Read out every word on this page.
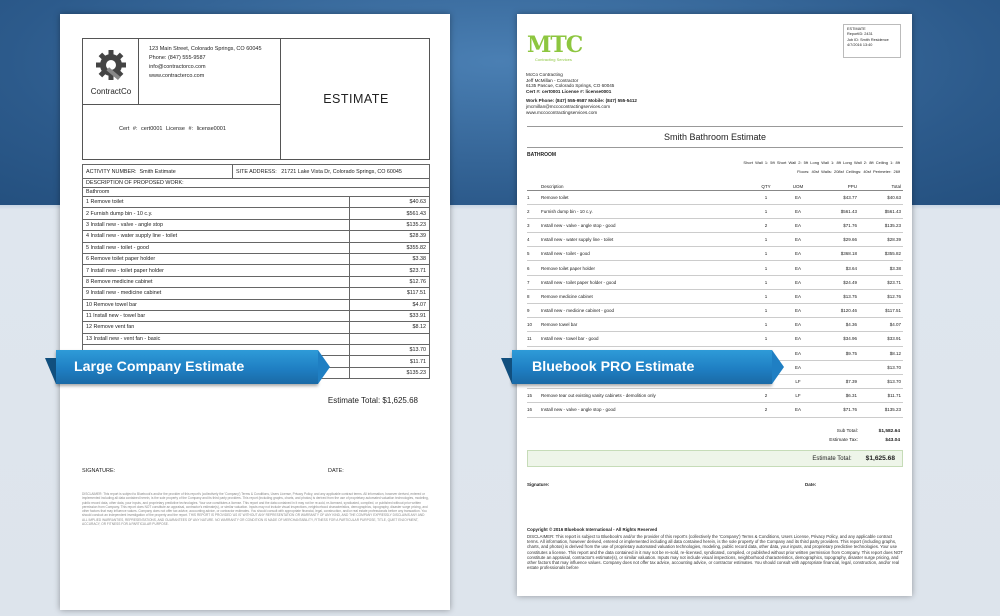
ContractCo
123 Main Street, Colorado Springs, CO 60045
Phone: (847) 555-9587
info@contractorco.com
www.contracterco.com
ESTIMATE
Cert #: cert0001 License #: license0001
ACTIVITY NUMBER:
Smith Estimate	SITE ADDRESS:
21721 Lake Vista Dr, Colorado Springs, CO 60045
DESCRIPTION OF PROPOSED WORK:
Bathroom
1 Remove toilet	$40.63
2 Furnish dump bin - 10 c.y.	$561.43
3 Install new - valve - angle stop	$135.23
4 Install new - water supply line - toilet	$28.39
5 Install new - toilet - good	$355.82
6 Remove toilet paper holder	$3.38
7 Install new - toilet paper holder	$23.71
8 Remove medicine cabinet	$12.76
9 Install new - medicine cabinet	$117.51
10 Remove towel bar	$4.07
11 Install new - towel bar	$33.91
12 Remove vent fan	$8.12
13 Install new - vent fan - basic	
	$13.70
	$11.71
	$135.23
Estimate Total: $1,625.68
SIGNATURE:	DATE:
DISCLAIMER: This report is subject to Bluebook's and/or the provider of this report's (collectively the 'Company') Terms & Conditions, Users License, Privacy Policy, and any applicable contract terms. All information, however derived, entered or implemented including all data contained herein, is the sole property of the Company and its third party providers. This report (including graphs, charts, and photos) is derived from the use of proprietary automated valuation technologies, modeling, public record data, other data, your inputs, and proprietary predictive technologies. Your use constitutes a license. This report and the data contained in it may not be re-sold, re-licensed, syndicated, compiled, or published without prior written permission from Company. This report does NOT constitute an appraisal, contractor's estimate(s), or similar valuation. Inputs may not include visual inspections, neighborhood characteristics, demographics, topography, disaster surge pricing, and other factors that may influence values. Company does not offer tax advice, accounting advice, or contractor estimates. You should consult with appropriate financial, legal, construction, and/or real estate professionals before any transaction. You should conduct an independent investigation of the property and the report. THIS REPORT IS PROVIDED 'AS IS' WITHOUT ANY REPRESENTATION OR WARRANTY OF ANY KIND, AND THE COMPANY EXPRESSLY DISCLAIMS ANY AND ALL IMPLIED WARRANTIES, REPRESENTATIONS, AND GUARANTEES OF ANY NATURE. NO WARRANTY OR CONDITION IS MADE OF MERCHANTABILITY, FITNESS FOR A PARTICULAR PURPOSE, TITLE, QUIET ENJOYMENT, ACCURACY, OR FITNESS FOR A PARTICULAR PURPOSE.
MTC
Contracting Services
ESTIMATE
ReportID: 2431
Job ID: Smith Residence
4/7/2016 13:40
McCo Contracting
Jeff McMillan - Contractor
6135 Pascue, Colorado Springs, CO 60045
Cert #: cert0001 License #: license0001
Work Phone: (847) 555-9587 Mobile: (847) 555-5412
jmcmillan@mccocontractingservices.com
www.mccocontractingservices.com
Smith Bathroom Estimate
BATHROOM
Short Wall 1: 5ft Short Wall 2: 5ft Long Wall 1: 8ft Long Wall 2: 8ft Ceiling 1: 8ft
Floors: 40sf Walls: 208sf Ceilings: 40sf Perimeter: 26lf
	Description	QTY	UOM	PPU	Total
1	Remove toilet	1	EA	$43.77	$40.63
2	Furnish dump bin - 10 c.y.	1	EA	$561.43	$561.43
3	Install new - valve - angle stop - good	2	EA	$71.76	$135.23
4	Install new - water supply line - toilet	1	EA	$29.66	$28.39
5	Install new - toilet - good	1	EA	$368.18	$355.82
6	Remove toilet paper holder	1	EA	$3.64	$3.38
7	Install new - toilet paper holder - good	1	EA	$24.49	$23.71
8	Remove medicine cabinet	1	EA	$13.75	$12.76
9	Install new - medicine cabinet - good	1	EA	$120.46	$117.51
10	Remove towel bar	1	EA	$4.36	$4.07
11	Install new - towel bar - good	1	EA	$34.96	$33.91
			EA	$9.75	$8.12
			EA		$13.70
			LF	$7.39	$13.70
15	Remove tear out existing vanity cabinets - demolition only	2	LF	$6.31	$11.71
16	Install new - valve - angle stop - good	2	EA	$71.76	$135.23
Sub Total:	$1,582.64
Estimate Tax:	$43.04
Estimate Total: $1,625.68
Signature:	Date:
Copyright © 2016 Bluebook International - All Rights Reserved
DISCLAIMER: This report is subject to Bluebook's and/or the provider of this report's (collectively the 'Company') Terms & Conditions, Users License, Privacy Policy, and any applicable contract terms. All information, however derived, entered or implemented including all data contained herein, is the sole property of the Company and its third party providers. This report (including graphs, charts, and photos) is derived from the use of proprietary automated valuation technologies, modeling, public record data, other data, your inputs, and proprietary predictive technologies. Your use constitutes a license. This report and the data contained in it may not be re-sold, re-licensed, syndicated, compiled, or published without prior written permission from Company. This report does NOT constitute an appraisal, contractor's estimate(s), or similar valuation. Inputs may not include visual inspections, neighborhood characteristics, demographics, topography, disaster surge pricing, and other factors that may influence values. Company does not offer tax advice, accounting advice, or contractor estimates. You should consult with appropriate financial, legal, construction, and/or real estate professionals before
Large Company Estimate	Bluebook PRO Estimate
